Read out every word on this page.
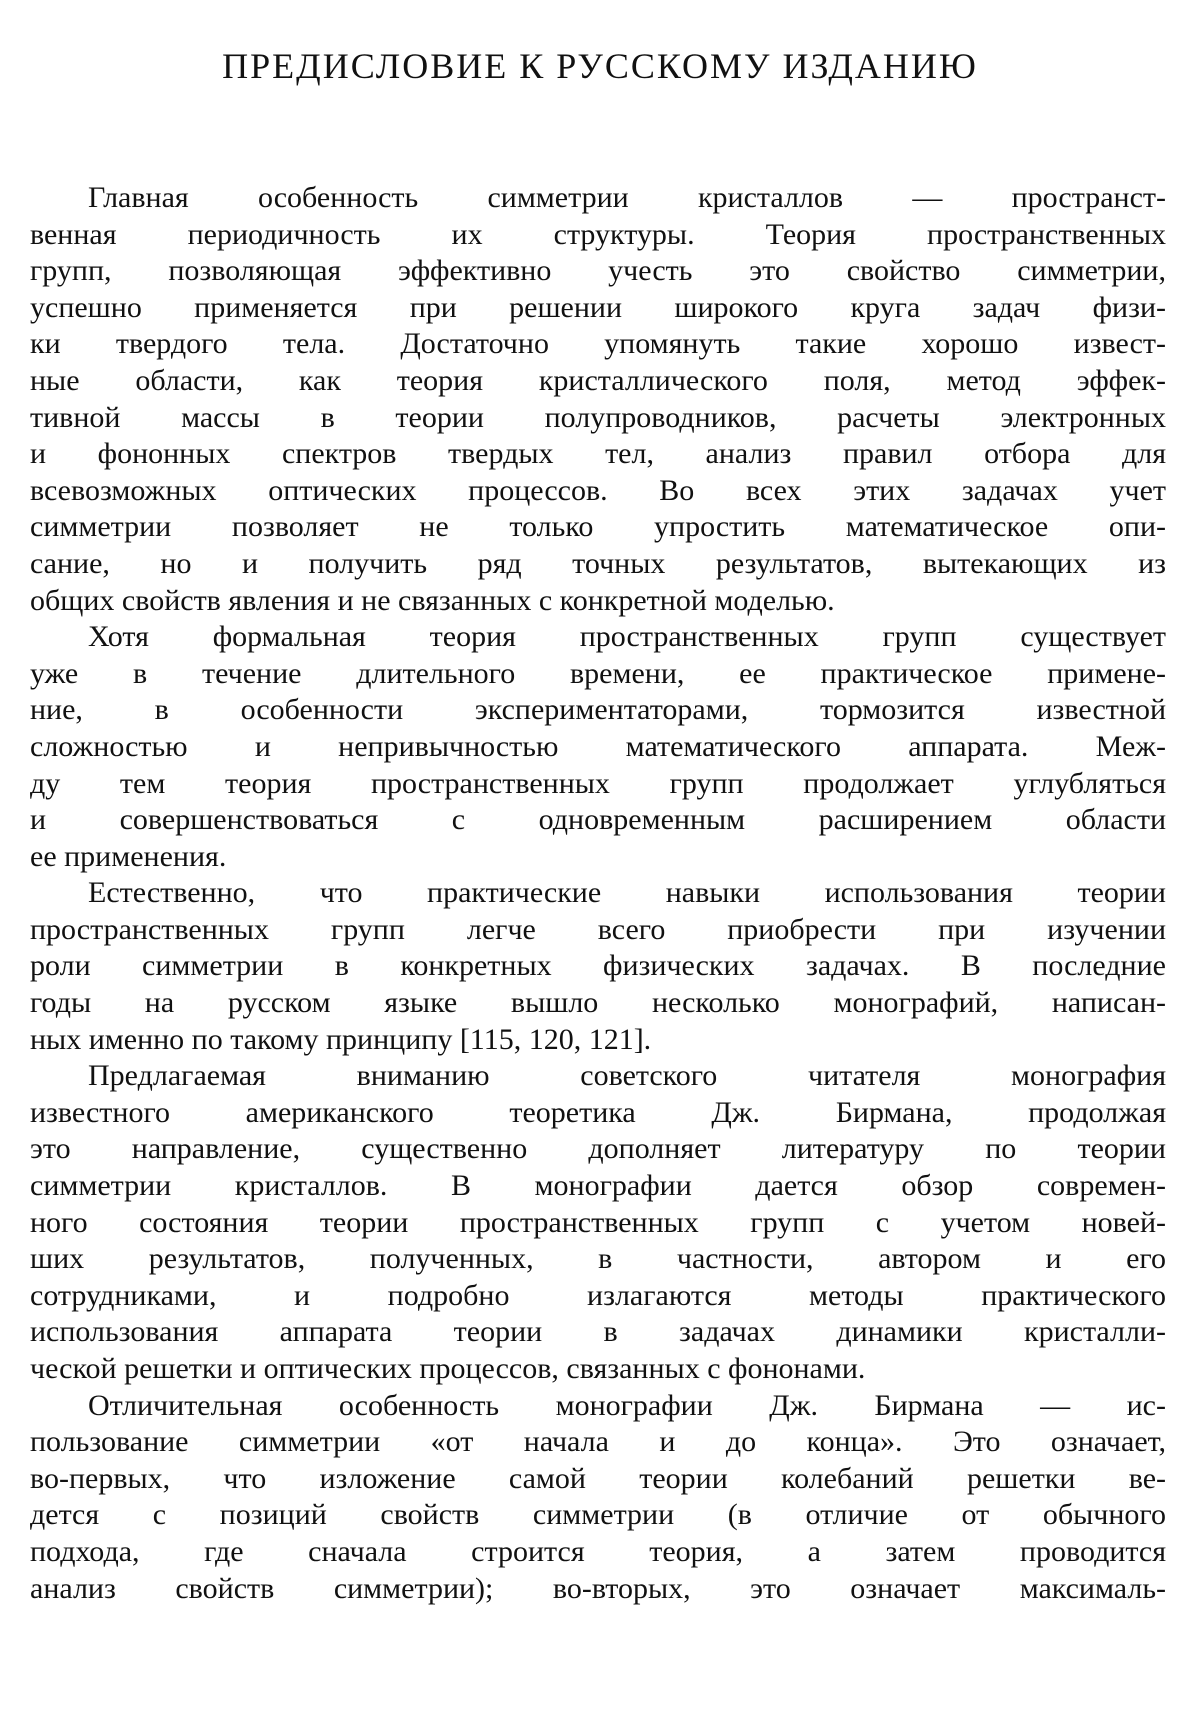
ПРЕДИСЛОВИЕ К РУССКОМУ ИЗДАНИЮ

Главная особенность симметрии кристаллов — пространст-
венная периодичность их структуры. Теория пространственных
групп, позволяющая эффективно учесть это свойство симметрии,
успешно применяется при решении широкого круга задач физи-
ки твердого тела. Достаточно упомянуть такие хорошо извест-
ные области, как теория кристаллического поля, метод эффек-
тивной массы в теории полупроводников, расчеты электронных
и фононных спектров твердых тел, анализ правил отбора для
всевозможных оптических процессов. Во всех этих задачах учет
симметрии позволяет не только упростить математическое опи-
сание, но и получить ряд точных результатов, вытекающих из
общих свойств явления и не связанных с конкретной моделью.

Хотя формальная теория пространственных групп существует
уже в течение длительного времени, ее практическое примене-
ние, в особенности экспериментаторами, тормозится известной
сложностью и непривычностью математического аппарата. Меж-
ду тем теория пространственных групп продолжает углубляться
и совершенствоваться с одновременным расширением области
ее применения.

Естественно, что практические навыки использования теории
пространственных групп легче всего приобрести при изучении
роли симметрии в конкретных физических задачах. В последние
годы на русском языке вышло несколько монографий, написан-
ных именно по такому принципу [115, 120, 121].

Предлагаемая вниманию советского читателя монография
известного американского теоретика Дж. Бирмана, продолжая
это направление, существенно дополняет литературу по теории
симметрии кристаллов. В монографии дается обзор современ-
ного состояния теории пространственных групп с учетом новей-
ших результатов, полученных, в частности, автором и его
сотрудниками, и подробно излагаются методы практического
использования аппарата теории в задачах динамики кристалли-
ческой решетки и оптических процессов, связанных с фононами.

Отличительная особенность монографии Дж. Бирмана — ис-
пользование симметрии «от начала и до конца». Это означает,
во-первых, что изложение самой теории колебаний решетки ве-
дется с позиций свойств симметрии (в отличие от обычного
подхода, где сначала строится теория, а затем проводится
анализ свойств симметрии); во-вторых, это означает максималь-
